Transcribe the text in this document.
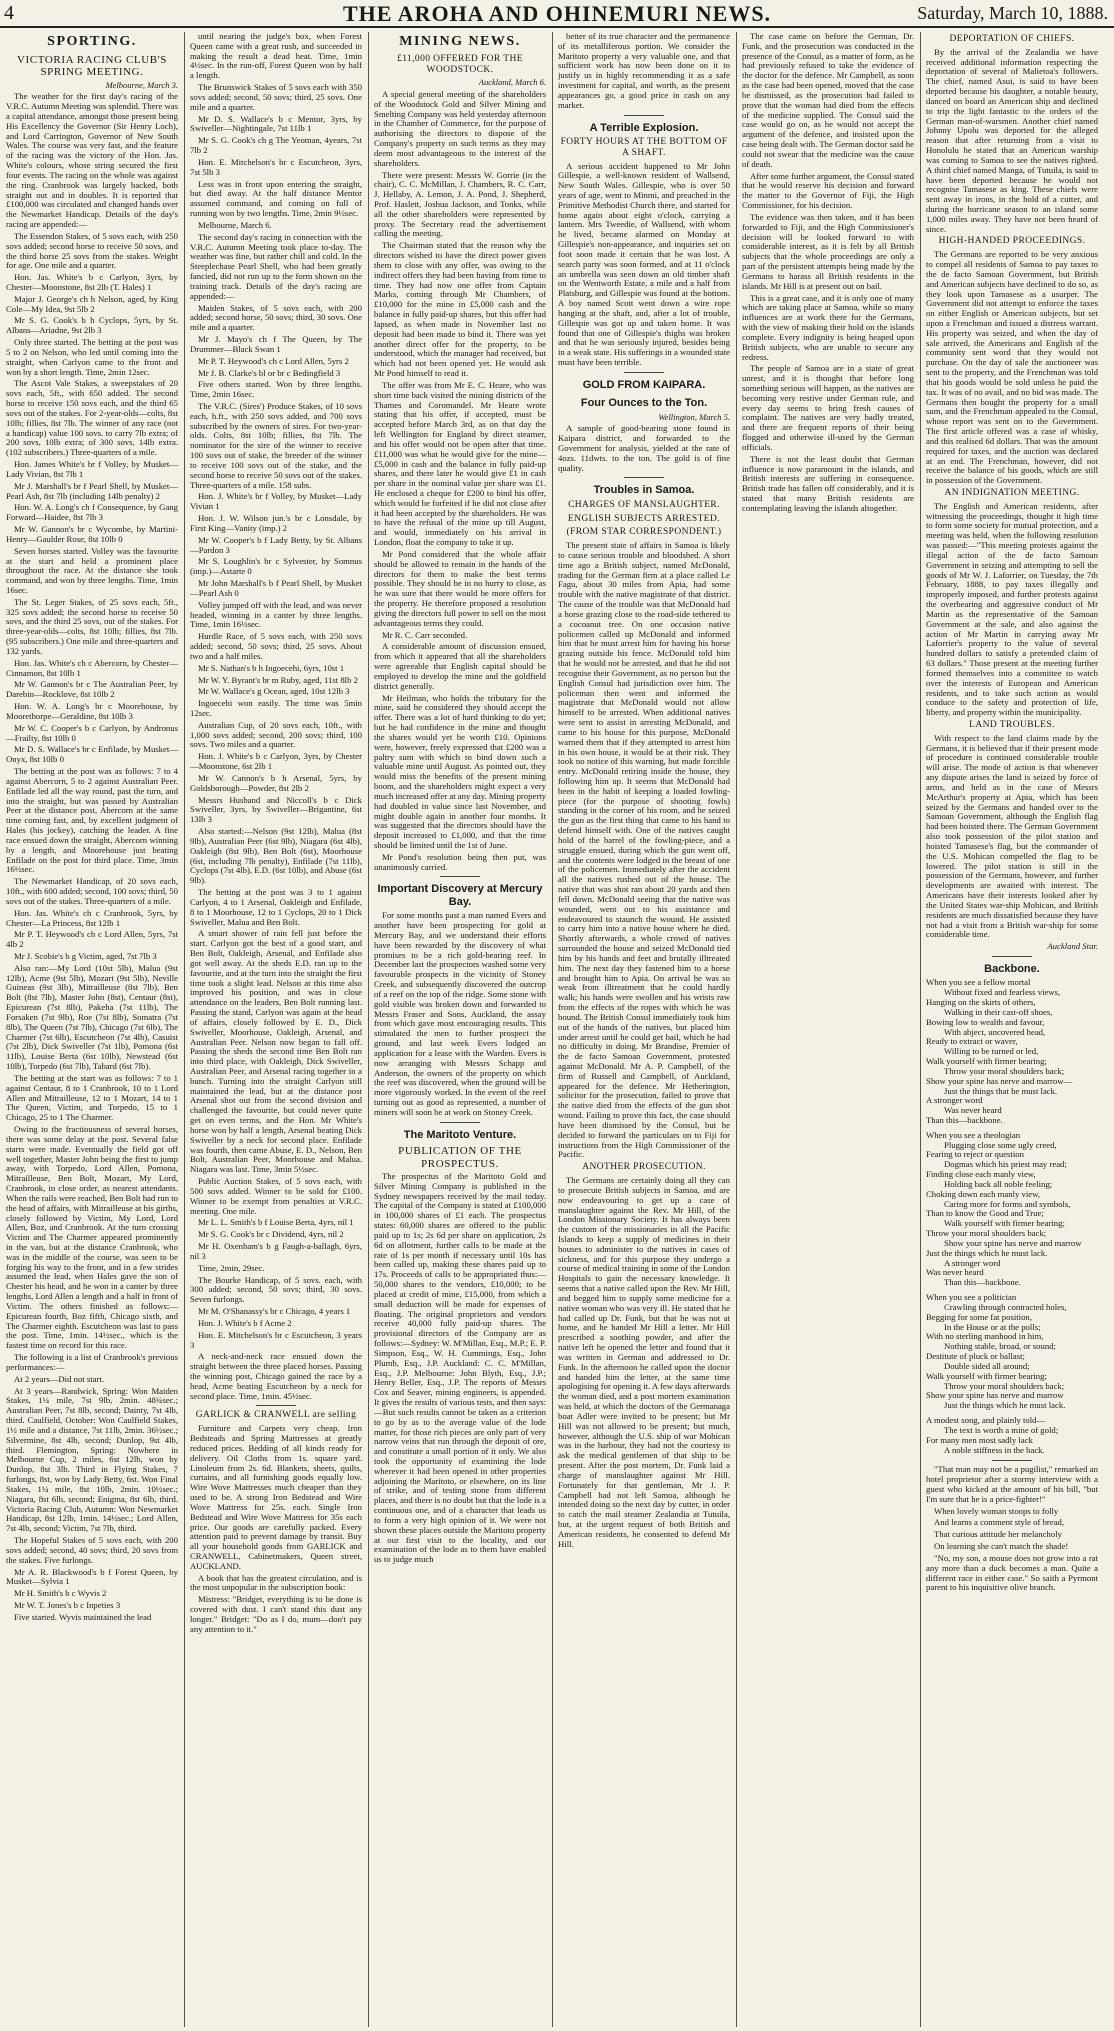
4	THE AROHA AND OHINEMURI NEWS.	Saturday, March 10, 1888.
SPORTING.
VICTORIA RACING CLUB'S SPRING MEETING.
Melbourne, March 3.

The weather for the first day's racing of the V.R.C. Autumn Meeting was splendid. There was a capital attendance, amongst those present being His Excellency the Governor (Sir Henry Loch), and Lord Carrington, Governor of New South Wales. The course was very fast, and the feature of the racing was the victory of the Hon. Jas. White's colours, whose string secured the first four events. The racing on the whole was against the ring. Cranbrook was largely backed, both straight out and in doubles. It is reported that £100,000 was circulated and changed hands over the Newmarket Handicap. Details of the day's racing are appended:—

The Essendon Stakes, of 5 sovs each, with 250 sovs added; second horse to receive 50 sovs, and the third horse 25 sovs from the stakes. Weight for age. One mile and a quarter.

Hon. Jas. White's b c Carlyon, 3yrs, by Chester—Moonstone, 8st 2lb (T. Hales) 1

Major J. George's ch h Nelson, aged, by King Cole—My Idea, 9st 5lb 2

Mr S. G. Cook's b h Cyclops, 5yrs, by St. Albans—Ariadne, 9st 2lb 3

Only three started. The betting at the post was 5 to 2 on Nelson, who led until coming into the straight, when Carlyon came to the front and won by a short length. Time, 2min 12sec.

The Ascot Vale Stakes, a sweepstakes of 20 sovs each, 5ft., with 650 added. The second horse to receive 150 sovs each, and the third 65 sovs out of the stakes. For 2-year-olds—colts, 8st 10lb; fillies, 8st 7lb. The winner of any race (not a handicap) value 100 sovs. to carry 7lb extra; of 200 sovs, 10lb extra; of 300 sovs, 14lb extra. (102 subscribers.) Three-quarters of a mile.

Hon. James White's br f Volley, by Musket—Lady Vivian, 8st 7lb 1

Mr J. Marshall's br f Pearl Shell, by Musket—Pearl Ash, 8st 7lb (including 14lb penalty) 2

Hon. W. A. Long's ch f Consequence, by Gang Forward—Haidee, 8st 7lb 3

Mr W. Gannon's br c Wycombe, by Martini-Henry—Gaulder Rose, 8st 10lb 0

Seven horses started. Volley was the favourite at the start and held a prominent place throughout the race. At the distance she took command, and won by three lengths. Time, 1min 16sec.

The St. Leger Stakes, of 25 sovs each, 5ft., 325 sovs added; the second horse to receive 50 sovs, and the third 25 sovs, out of the stakes. For three-year-olds—colts, 8st 10lb; fillies, 8st 7lb. (95 subscribers.) One mile and three-quarters and 132 yards.

Hon. Jas. White's ch c Abercorn, by Chester—Cinnamon, 8st 10lb 1

Mr W. Gannon's br c The Australian Peer, by Darebin—Rocklove, 8st 10lb 2

Hon. W. A. Long's br c Moorehouse, by Moorethorpe—Geraldine, 8st 10lb 3

Mr W. C. Cooper's b c Carlyon, by Andronus—Frailty, 8st 10lb 0

Mr D. S. Wallace's br c Enfilade, by Musket—Onyx, 8st 10lb 0

The betting at the post was as follows: 7 to 4 against Abercorn, 5 to 2 against Australian Peer. Enfilade led all the way round, past the turn, and into the straight, but was passed by Australian Peer at the distance post, Abercorn at the same time coming fast, and, by excellent judgment of Hales (his jockey), catching the leader. A fine race ensued down the straight, Abercorn winning by a length, and Moorehouse just beating Enfilade on the post for third place. Time, 3min 16½sec.

The Newmarket Handicap, of 20 sovs each, 10ft., with 600 added; second, 100 sovs; third, 50 sovs out of the stakes. Three-quarters of a mile.

Hon. Jas. White's ch c Cranbrook, 5yrs, by Chester—La Princess, 8st 12lb 1

Mr P. T. Heywood's ch c Lord Allen, 5yrs, 7st 4lb 2

Mr J. Scobie's b g Victim, aged, 7st 7lb 3

Also ran:—My Lord (10st 5lb), Malua (9st 12lb), Acme (9st 5lb), Mozart (9st 5lb), Neville Guineas (9st 3lb), Mitrailleuse (8st 7lb), Ben Bolt (8st 7lb), Master John (8st), Centaur (8st), Epicurean (7st 8lb), Pakeha (7st 11lb), The Forsaken (7st 9lb), Roe (7st 8lb), Somatra (7st 8lb), The Queen (7st 7lb), Chicago (7st 6lb), The Charmer (7st 6lb), Escutcheon (7st 4lb), Casuist (7st 2lb), Dick Swiveller (7st 1lb), Pomona (6st 11lb), Louise Berta (6st 10lb), Newstead (6st 10lb), Torpedo (6st 7lb), Tabard (6st 7lb).

The betting at the start was as follows: 7 to 1 against Centaur, 8 to 1 Cranbrook, 10 to 1 Lord Allen and Mitrailleuse, 12 to 1 Mozart, 14 to 1 The Queen, Victim, and Torpedo, 15 to 1 Chicago, 25 to 1 The Charmer.

Owing to the fractiousness of several horses, there was some delay at the post. Several false starts were made. Eventually the field got off well together, Master John being the first to jump away, with Torpedo, Lord Allen, Pomona, Mitrailleuse, Ben Bolt, Mozart, My Lord, Cranbrook, in close order, as nearest attendants. When the rails were reached, Ben Bolt had run to the head of affairs, with Mitrailleuse at his girths, closely followed by Victim, My Lord, Lord Allen, Boz, and Cranbrook. At the turn crossing Victim and The Charmer appeared prominently in the van, but at the distance Cranbrook, who was in the middle of the course, was seen to be forging his way to the front, and in a few strides assumed the lead, when Hales gave the son of Chester his head, and he won in a canter by three lengths, Lord Allen a length and a half in front of Victim. The others finished as follows:—Epicurean fourth, Boz fifth, Chicago sixth, and The Charmer eighth. Escutcheon was last to pass the post. Time, 1min. 14½sec., which is the fastest time on record for this race.

The following is a list of Cranbrook's previous performances:—

At 2 years—Did not start.

At 3 years—Randwick, Spring: Won Maiden Stakes, 1¼ mile, 7st 9lb, 2min. 48¾sec.; Australian Peer, 7st 8lb, second; Dainty, 7st 4lb, third. Caulfield, October: Won Caulfield Stakes, 1½ mile and a distance, 7st 11lb, 2min. 36½sec.; Silvermine, 8st 4lb, second; Dunlop, 9st 4lb, third. Flemington, Spring: Nowhere in Melbourne Cup, 2 miles, 6st 12lb, won by Dunlop, 8st 3lb. Third in Flying Stakes, 7 furlongs, 8st, won by Lady Betty, 6st. Won Final Stakes, 1¼ mile, 8st 10lb, 2min. 10½sec.; Niagara, 8st 6lb, second; Enigma, 8st 6lb, third. Victoria Racing Club, Autumn: Won Newmarket Handicap, 8st 12lb, 1min. 14½sec.; Lord Allen, 7st 4lb, second; Victim, 7st 7lb, third.

The Hopeful Stakes of 5 sovs each, with 200 sovs added; second, 40 sovs; third, 20 sovs from the stakes. Five furlongs.

Mr A. R. Blackwood's b f Forest Queen, by Musket—Sylvia 1

Mr H. Smith's b c Wyvis 2

Mr W. T. Jones's b c Inpeties 3

Five started. Wyvis maintained the lead

until nearing the judge's box, when Forest Queen came with a great rush, and succeeded in making the result a dead heat. Time, 1min 4½sec. In the run-off, Forest Queen won by half a length.

The Brunswick Stakes of 5 sovs each with 350 sovs added; second, 50 sovs; third, 25 sovs. One mile and a quarter.

Mr D. S. Wallace's b c Mentor, 3yrs, by Swiveller—Nightingale, 7st 11lb 1

Mr S. G. Cook's ch g The Yeoman, 4years, 7st 7lb 2

Hon. E. Mitchelson's br c Escutcheon, 3yrs, 7st 5lb 3

Less was in front upon entering the straight, but died away. At the half distance Mentor assumed command, and coming on full of running won by two lengths. Time, 2min 9½sec.

Melbourne, March 6.

The second day's racing in connection with the V.R.C. Autumn Meeting took place to-day. The weather was fine, but rather chill and cold. In the Steeplechase Pearl Shell, who had been greatly fancied, did not run up to the form shown on the training track. Details of the day's racing are appended:—

Maiden Stakes, of 5 sovs each, with 200 added; second horse, 50 sovs; third, 30 sovs. One mile and a quarter.

Mr J. Mayo's ch f The Queen, by The Drummer—Black Swan 1

Mr P. T. Heywood's ch c Lord Allen, 5yrs 2

Mr J. B. Clarke's bl or br c Bedingfield 3

Five others started. Won by three lengths. Time, 2min 16sec.

The V.R.C. (Sires') Produce Stakes, of 10 sovs each, h.ft., with 250 sovs added, and 700 sovs subscribed by the owners of sires. For two-year-olds. Colts, 8st 10lb; fillies, 8st 7lb. The nominator for the sire of the winner to receive 100 sovs out of stake, the breeder of the winner to receive 100 sovs out of the stake, and the second horse to receive 50 sovs out of the stakes. Three-quarters of a mile. 158 subs.

Hon. J. White's br f Volley, by Musket—Lady Vivian 1

Hon. J. W. Wilson jun.'s br c Lonsdale, by First King—Vanity (imp.) 2

Mr W. Cooper's b f Lady Betty, by St. Albans—Pardon 3

Mr S. Loughlin's br c Sylvester, by Somnus (imp.)—Astarte 0

Mr John Marshall's b f Pearl Shell, by Musket—Pearl Ash 0

Volley jumped off with the lead, and was never headed, winning in a canter by three lengths. Time, 1min 16½sec.

Hurdle Race, of 5 sovs each, with 250 sovs added; second, 50 sovs; third, 25 sovs. About two and a half miles.

Mr S. Nathan's b h Ingoecehi, 6yrs, 10st 1

Mr W. Y. Byrant's br m Ruby, aged, 11st 8lb 2

Mr W. Wallace's g Ocean, aged, 10st 12lb 3

Ingoecehi won easily. The time was 5min 12sec.

Australian Cup, of 20 sovs each, 10ft., with 1,000 sovs added; second, 200 sovs; third, 100 sovs. Two miles and a quarter.

Hon. J. White's b c Carlyon, 3yrs, by Chester—Moonstone, 6st 2lb 1

Mr W. Cannon's b h Arsenal, 5yrs, by Goldsborough—Powder, 8st 2lb 2

Messrs Husband and Niccoll's b c Dick Swiveller, 3yrs, by Swiveller—Brigantine, 6st 13lb 3

Also started:—Nelson (9st 12lb), Malua (8st 9lb), Australian Peer (6st 9lb), Niagara (6st 4lb), Oakleigh (8st 9lb), Ben Bolt (6st), Moorhouse (6st, including 7lb penalty), Enfilade (7st 11lb), Cyclops (7st 4lb), E.D. (6st 10lb), and Abuse (6st 9lb).

The betting at the post was 3 to 1 against Carlyon, 4 to 1 Arsenal, Oakleigh and Enfilade, 8 to 1 Moorhouse, 12 to 1 Cyclops, 20 to 1 Dick Swiveller, Malua and Ben Bolt.

A smart shower of rain fell just before the start. Carlyon got the best of a good start, and Ben Bolt, Oakleigh, Arsenal, and Enfilade also got well away. At the sheds E.D. ran up to the favourite, and at the turn into the straight the first time took a slight lead. Nelson at this time also improved his position, and was in close attendance on the leaders, Ben Bolt running last. Passing the stand, Carlyon was again at the head of affairs, closely followed by E. D., Dick Swiveller, Moorhouse, Oakleigh, Arsenal, and Australian Peer. Nelson now began to fall off. Passing the sheds the second time Ben Bolt ran into third place, with Oakleigh, Dick Swiveller, Australian Peer, and Arsenal racing together in a bunch. Turning into the straight Carlyon still maintained the lead, but at the distance post Arsenal shot out from the second division and challenged the favourite, but could never quite get on even terms, and the Hon. Mr White's horse won by half a length, Arsenal beating Dick Swiveller by a neck for second place. Enfilade was fourth, then came Abuse, E. D., Nelson, Ben Bolt, Australian Peer, Moorhouse and Malua. Niagara was last. Time, 3min 5½sec.

Public Auction Stakes, of 5 sovs each, with 500 sovs added. Winner to be sold for £100. Winner to be exempt from penalties at V.R.C. meeting. One mile.

Mr L. L. Smith's b f Louise Berta, 4yrs, nil 1

Mr S. G. Cook's br c Dividend, 4yrs, nil 2

Mr H. Oxenham's b g Faugh-a-ballagh, 6yrs, nil 3

Time, 2min, 29sec.

The Bourke Handicap, of 5 sovs. each, with 300 added; second, 50 sovs; third, 30 sovs. Seven furlongs.

Mr M. O'Shanassy's br c Chicago, 4 years 1

Hon. J. White's b f Acme 2

Hon. E. Mitchelson's br c Escutcheon, 3 years 3

A neck-and-neck race ensued down the straight between the three placed horses. Passing the winning post, Chicago gained the race by a head, Acme beating Escutcheon by a neck for second place. Time, 1min. 45½sec.

GARLICK & CRANWELL are selling

Furniture and Carpets very cheap. Iron Bedsteads and Spring Mattresses at greatly reduced prices. Bedding of all kinds ready for delivery. Oil Cloths from 1s. square yard. Linoleum from 2s. 6d. Blankets, sheets, quilts, curtains, and all furnishing goods equally low. Wire Wove Mattresses much cheaper than they used to be. A strong Iron Bedstead and Wire Wove Mattress for 25s. each. Single Iron Bedstead and Wire Wove Mattress for 35s each price. Our goods are carefully packed. Every attention paid to prevent damage by transit. Buy all your household goods from GARLICK and CRANWELL, Cabinetmakers, Queen street, AUCKLAND.

A book that has the greatest circulation, and is the most unpopular in the subscription book:

Mistress: "Bridget, everything is to be done is covered with dust. I can't stand this dust any longer." Bridget: "Do as I do, mum—don't pay any attention to it."

MINING NEWS.
£11,000 OFFERED FOR THE WOODSTOCK.
Auckland, March 6.

A special general meeting of the shareholders of the Woodstock Gold and Silver Mining and Smelting Company was held yesterday afternoon in the Chamber of Commerce, for the purpose of authorising the directors to dispose of the Company's property on such terms as they may deem most advantageous to the interest of the shareholders.

There were present: Messrs W. Gorrie (in the chair), C. C. McMillan, J. Chambers, R. C. Carr, J. Hellaby, A. Lemon, J. A. Pond, J. Shepherd, Prof. Haslett, Joshua Jackson, and Tonks, while all the other shareholders were represented by proxy. The Secretary read the advertisement calling the meeting.

The Chairman stated that the reason why the directors wished to have the direct power given them to close with any offer, was owing to the indirect offers they had been having from time to time. They had now one offer from Captain Marks, coming through Mr Chambers, of £10,000 for the mine in £5,000 cash and the balance in fully paid-up shares, but this offer had lapsed, as when made in November last no deposit had been made to bind it. There was yet another direct offer for the property, to be understood, which the manager had received, but which had not been opened yet. He would ask Mr Pond himself to read it.

The offer was from Mr E. C. Heare, who was short time back visited the mining districts of the Thames and Coromandel. Mr Heare wrote stating that his offer, if accepted, must be accepted before March 3rd, as on that day the left Wellington for England by direct steamer, and his offer would not be open after that time. £11,000 was what he would give for the mine—£5,000 in cash and the balance in fully paid-up shares, and there later he would give £1 in cash per share in the nominal value per share was £1. He enclosed a cheque for £200 to bind his offer, which would be forfeited if he did not close after it had been accepted by the shareholders. He was to have the refusal of the mine up till August, and would, immediately on his arrival in London, float the company to take it up.

Mr Pond considered that the whole affair should be allowed to remain in the hands of the directors for them to make the best terms possible. They should be in no hurry to close, as he was sure that there would be more offers for the property. He therefore proposed a resolution giving the directors full power to sell on the most advantageous terms they could.

Mr R. C. Carr seconded.

A considerable amount of discussion ensued, from which it appeared that all the shareholders were agreeable that English capital should be employed to develop the mine and the goldfield district generally.

Mr Heilman, who holds the tributary for the mine, said he considered they should accept the offer. There was a lot of hard thinking to do yet; but he had confidence in the mine and thought the shares would yet be worth £10. Opinions were, however, freely expressed that £200 was a paltry sum with which to bind down such a valuable mine until August. As pointed out, they would miss the benefits of the present mining boom, and the shareholders might expect a very much increased offer at any day. Mining property had doubled in value since last November, and might double again in another four months. It was suggested that the directors should have the deposit increased to £1,000, and that the time should be limited until the 1st of June.

Mr Pond's resolution being then put, was unanimously carried.

Important Discovery at Mercury Bay.

For some months past a man named Evers and another have been prospecting for gold at Mercury Bay, and we understand their efforts have been rewarded by the discovery of what promises to be a rich gold-bearing reef. In December last the prospectors washed some very favourable prospects in the vicinity of Stoney Creek, and subsequently discovered the outcrop of a reef on the top of the ridge. Some stone with gold visible was broken down and forwarded to Messrs Fraser and Sons, Auckland, the assay from which gave most encouraging results. This stimulated the men to further prospect the ground, and last week Evers lodged an application for a lease with the Warden. Evers is now arranging with Messrs Schapp and Anderson, the owners of the property on which the reef was discovered, when the ground will be more vigorously worked. In the event of the reef turning out as good as represented, a number of miners will soon be at work on Stoney Creek.

The Maritoto Venture.
PUBLICATION OF THE PROSPECTUS.

The prospectus of the Maritoto Gold and Silver Mining Company is published in the Sydney newspapers received by the mail today. The capital of the Company is stated at £100,000 in 100,000 shares of £1 each. The prospectus states: 60,000 shares are offered to the public paid up to 1s; 2s 6d per share on application, 2s 6d on allotment, further calls to be made at the rate of 1s per month if necessary until 10s has been called up, making these shares paid up to 17s. Proceeds of calls to be appropriated thus:—50,000 shares to the vendors, £10,000; to be placed at credit of mine, £15,000, from which a small deduction will be made for expenses of floating. The original proprietors and vendors receive 40,000 fully paid-up shares. The provisional directors of the Company are as follows:—Sydney: W. M'Millan, Esq., M.P.; E. P. Simpson, Esq., W. H. Cummings, Esq., John Plumb, Esq., J.P. Auckland: C. C. M'Millan, Esq., J.P. Melbourne: John Blyth, Esq., J.P.; Henry Beller, Esq., J.P. The reports of Messrs Cox and Seaver, mining engineers, is appended. It gives the results of various tests, and then says:—But such results cannot be taken as a criterion to go by as to the average value of the lode matter, for those rich pieces are only part of very narrow veins that run through the deposit of ore, and constitute a small portion of it only. We also took the opportunity of examining the lode wherever it had been opened in other properties adjoining the Maritoto, or elsewhere, on its line of strike, and of testing stone from different places, and there is no doubt but that the lode is a continuous one, and of a character that leads us to form a very high opinion of it. We were not shown these places outside the Maritoto property at our first visit to the locality, and our examination of the lode as to them have enabled us to judge much

better of its true character and the permanence of its metalliferous portion. We consider the Maritoto property a very valuable one, and that sufficient work has now been done on it to justify us in highly recommending it as a safe investment for capital, and worth, as the present appearances go, a good price in cash on any market.

A Terrible Explosion.
FORTY HOURS AT THE BOTTOM OF A SHAFT.

A serious accident happened to Mr John Gillespie, a well-known resident of Wallsend, New South Wales. Gillespie, who is over 50 years of age, went to Minmi, and preached in the Primitive Methodist Church there, and started for home again about eight o'clock, carrying a lantern. Mrs Tweedie, of Wallsend, with whom he lived, became alarmed on Monday at Gillespie's non-appearance, and inquiries set on foot soon made it certain that he was lost. A search party was soon formed, and at 11 o'clock an umbrella was seen down an old timber shaft on the Wentworth Estate, a mile and a half from Platsburg, and Gillespie was found at the bottom. A boy named Scott went down a wire rope hanging at the shaft, and, after a lot of trouble, Gillespie was got up and taken home. It was found that one of Gillespie's thighs was broken and that he was seriously injured, besides being in a weak state. His sufferings in a wounded state must have been terrible.

GOLD FROM KAIPARA.
Four Ounces to the Ton.
Wellington, March 5.

A sample of good-bearing stone found in Kaipara district, and forwarded to the Government for analysis, yielded at the rate of 4ozs. 11dwts. to the ton. The gold is of fine quality.

Troubles in Samoa.
CHARGES OF MANSLAUGHTER.
ENGLISH SUBJECTS ARRESTED.
(FROM STAR CORRESPONDENT.)

The present state of affairs in Samoa is likely to cause serious trouble and bloodshed. A short time ago a British subject, named McDonald, trading for the German firm at a place called Le Fagu, about 30 miles from Apia, had some trouble with the native magistrate of that district. The cause of the trouble was that McDonald had a horse grazing close to the road-side tethered to a cocoanut tree. On one occasion native policemen called up McDonald and informed him that he must arrest him for having his horse grazing outside his fence. McDonald told him that he would not be arrested, and that he did not recognise their Government, as no person but the English Consul had jurisdiction over him. The policeman then went and informed the magistrate that McDonald would not allow himself to be arrested. When additional natives were sent to assist in arresting McDonald, and came to his house for this purpose, McDonald warned them that if they attempted to arrest him in his own house, it would be at their risk. They took no notice of this warning, but made forcible entry. McDonald retiring inside the house, they following him up. It seems that McDonald had been in the habit of keeping a loaded fowling-piece (for the purpose of shooting fowls) standing in the corner of his room, and he seized the gun as the first thing that came to his hand to defend himself with. One of the natives caught hold of the barrel of the fowling-piece, and a struggle ensued, during which the gun went off, and the contents were lodged in the breast of one of the policemen. Immediately after the accident all the natives rushed out of the house. The native that was shot ran about 20 yards and then fell down. McDonald seeing that the native was wounded, went out to his assistance and endeavoured to staunch the wound. He assisted to carry him into a native house where he died. Shortly afterwards, a whole crowd of natives surrounded the house and seized McDonald tied him by his hands and feet and brutally illtreated him. The next day they fastened him to a horse and brought him to Apia. On arrival he was so weak from illtreatment that he could hardly walk; his hands were swollen and his wrists raw from the effects of the ropes with which he was bound. The British Consul immediately took him out of the hands of the natives, but placed him under arrest until he could get bail, which he had no difficulty in doing. Mr Brandise, Premier of the de facto Samoan Government, protested against McDonald. Mr A. P. Campbell, of the firm of Russell and Campbell, of Auckland, appeared for the defence. Mr Hetherington, solicitor for the prosecution, failed to prove that the native died from the effects of the gun shot wound. Failing to prove this fact, the case should have been dismissed by the Consul, but he decided to forward the particulars on to Fiji for instructions from the High Commissioner of the Pacific.

ANOTHER PROSECUTION.

The Germans are certainly doing all they can to prosecute British subjects in Samoa, and are now endeavouring to get up a case of manslaughter against the Rev. Mr Hill, of the London Missionary Society. It has always been the custom of the missionaries in all the Pacific Islands to keep a supply of medicines in their houses to administer to the natives in cases of sickness, and for this purpose they undergo a course of medical training in some of the London Hospitals to gain the necessary knowledge. It seems that a native called upon the Rev. Mr Hill, and begged him to supply some medicine for a native woman who was very ill. He stated that he had called up Dr. Funk, but that he was not at home, and he handed Mr Hill a letter. Mr Hill prescribed a soothing powder, and after the native left he opened the letter and found that it was written in German and addressed to Dr. Funk. In the afternoon he called upon the doctor and handed him the letter, at the same time apologising for opening it. A few days afterwards the woman died, and a post mortem examination was held, at which the doctors of the Germanaga boat Adler were invited to be present; but Mr Hill was not allowed to be present; but much, however, although the U.S. ship of war Mohican was in the harbour, they had not the courtesy to ask the medical gentlemen of that ship to be present. After the post mortem, Dr. Funk laid a charge of manslaughter against Mr Hill. Fortunately for that gentleman, Mr J. P. Campbell had not left Samoa, although he intended doing so the next day by cutter, in order to catch the mail steamer Zealandia at Tutuila, but, at the urgent request of both British and American residents, he consented to defend Mr Hill.

The case came on before the German, Dr. Funk, and the prosecution was conducted in the presence of the Consul, as a matter of form, as he had previously refused to take the evidence of the doctor for the defence. Mr Campbell, as soon as the case had been opened, moved that the case be dismissed, as the prosecution had failed to prove that the woman had died from the effects of the medicine supplied. The Consul said the case would go on, as he would not accept the argument of the defence, and insisted upon the case being dealt with. The German doctor said he could not swear that the medicine was the cause of death.

After some further argument, the Consul stated that he would reserve his decision and forward the matter to the Governor of Fiji, the High Commissioner, for his decision.

The evidence was then taken, and it has been forwarded to Fiji, and the High Commissioner's decision will be looked forward to with considerable interest, as it is felt by all British subjects that the whole proceedings are only a part of the persistent attempts being made by the Germans to harass all British residents in the islands. Mr Hill is at present out on bail.

This is a great case, and it is only one of many which are taking place at Samoa, while so many influences are at work there for the Germans, with the view of making their hold on the islands complete. Every indignity is being heaped upon British subjects, who are unable to secure any redress.

The people of Samoa are in a state of great unrest, and it is thought that before long something serious will happen, as the natives are becoming very restive under German rule, and every day seems to bring fresh causes of complaint. The natives are very badly treated, and there are frequent reports of their being flogged and otherwise ill-used by the German officials.

There is not the least doubt that German influence is now paramount in the islands, and British interests are suffering in consequence. British trade has fallen off considerably, and it is stated that many British residents are contemplating leaving the islands altogether.

DEPORTATION OF CHIEFS.

By the arrival of the Zealandia we have received additional information respecting the deportation of several of Malietoa's followers. The chief, named Asui, is said to have been deported because his daughter, a notable beauty, danced on board an American ship and declined to trip the light fantastic to the orders of the German man-of-warsmen. Another chief named Johnny Upolu was deported for the alleged reason that after returning from a visit to Honolulu he stated that an American warship was coming to Samoa to see the natives righted. A third chief named Manga, of Tutuila, is said to have been deported because he would not recognise Tamasese as king. These chiefs were sent away in irons, in the hold of a cutter, and during the hurricane season to an island some 1,000 miles away. They have not been heard of since.

HIGH-HANDED PROCEEDINGS.

The Germans are reported to be very anxious to compel all residents of Samoa to pay taxes to the de facto Samoan Government, but British and American subjects have declined to do so, as they look upon Tamasese as a usurper. The Government did not attempt to enforce the taxes on either English or American subjects, but set upon a Frenchman and issued a distress warrant. His property was seized, and when the day of sale arrived, the Americans and English of the community sent word that they would not purchase. On the day of sale the auctioneer was sent to the property, and the Frenchman was told that his goods would be sold unless he paid the tax. It was of no avail, and no bid was made. The Germans then bought the property for a small sum, and the Frenchman appealed to the Consul, whose report was sent on to the Government. The first article offered was a case of whisky, and this realised 6d dollars. That was the amount required for taxes, and the auction was declared at an end. The Frenchman, however, did not receive the balance of his goods, which are still in possession of the Government.

AN INDIGNATION MEETING.

The English and American residents, after witnessing the proceedings, thought it high time to form some society for mutual protection, and a meeting was held, when the following resolution was passed:—"This meeting protests against the illegal action of the de facto Samoan Government in seizing and attempting to sell the goods of Mr W. J. Laforrier, on Tuesday, the 7th February, 1888, to pay taxes illegally and improperly imposed, and further protests against the overbearing and aggressive conduct of Mr Martin as the representative of the Samoan Government at the sale, and also against the action of Mr Martin in carrying away Mr Laforrier's property to the value of several hundred dollars to satisfy a pretended claim of 63 dollars." Those present at the meeting further formed themselves into a committee to watch over the interests of European and American residents, and to take such action as would conduce to the safety and protection of life, liberty, and property within the municipality.

LAND TROUBLES.

With respect to the land claims made by the Germans, it is believed that if their present mode of procedure is continued considerable trouble will arise. The mode of action is that whenever any dispute arises the land is seized by force of arms, and held as in the case of Messrs McArthur's property at Apia, which has been seized by the Germans and handed over to the Samoan Government, although the English flag had been hoisted there. The German Government also took possession of the pilot station and hoisted Tamasese's flag, but the commander of the U.S. Mohican compelled the flag to be lowered. The pilot station is still in the possession of the Germans, however, and further developments are awaited with interest. The Americans have their interests looked after by the United States war-ship Mohican, and British residents are much dissatisfied because they have not had a visit from a British war-ship for some considerable time.

Auckland Star.
Backbone.
When you see a fellow mortal
Without fixed and fearless views,
Hanging on the skirts of others,
Walking in their cast-off shoes,
Bowing low to wealth and favour,
With abject, uncovered head,
Ready to extract or waver,
Willing to be turned or led,
Walk yourself with firmer bearing;
Throw your moral shoulders back;
Show your spine has nerve and marrow—
Just the things that he must lack.
A stronger word
Was never heard
Than this—backbone.
When you see a theologian
Plugging close some ugly creed,
Fearing to reject or question
Dogmas which his priest may read;
Finding close each manly view,
Holding back all noble feeling;
Choking down each manly view,
Caring more for forms and symbols,
Than to know the Good and True;
Walk yourself with firmer bearing;
Throw your moral shoulders back;
Show your spine has nerve and marrow
Just the things which he must lack.
A stronger word
Was never heard
Than this—backbone.
When you see a politician
Crawling through contracted holes,
Begging for some fat position,
In the House or at the polls;
With no sterling manhood in him,
Nothing stable, broad, or sound;
Destitute of pluck or ballast;
Double sided all around;
Walk yourself with firmer bearing;
Throw your moral shoulders back;
Show your spine has nerve and marrow
Just the things which he must lack.
A modest song, and plainly told—
The text is worth a mine of gold;
For many men most sadly lack
A noble stiffness in the back.

"That man may not be a pugilist," remarked an hotel proprietor after a stormy interview with a guest who kicked at the amount of his bill, "but I'm sure that he is a price-fighter!"

When lovely woman stoops to folly

And learns a comment style of bread,

That curious attitude her melancholy

On learning she can't match the shade!

"No, my son, a mouse does not grow into a rat any more than a duck becomes a man. Quite a different race in either case." So saith a Pyrmont parent to his inquisitive olive branch.
